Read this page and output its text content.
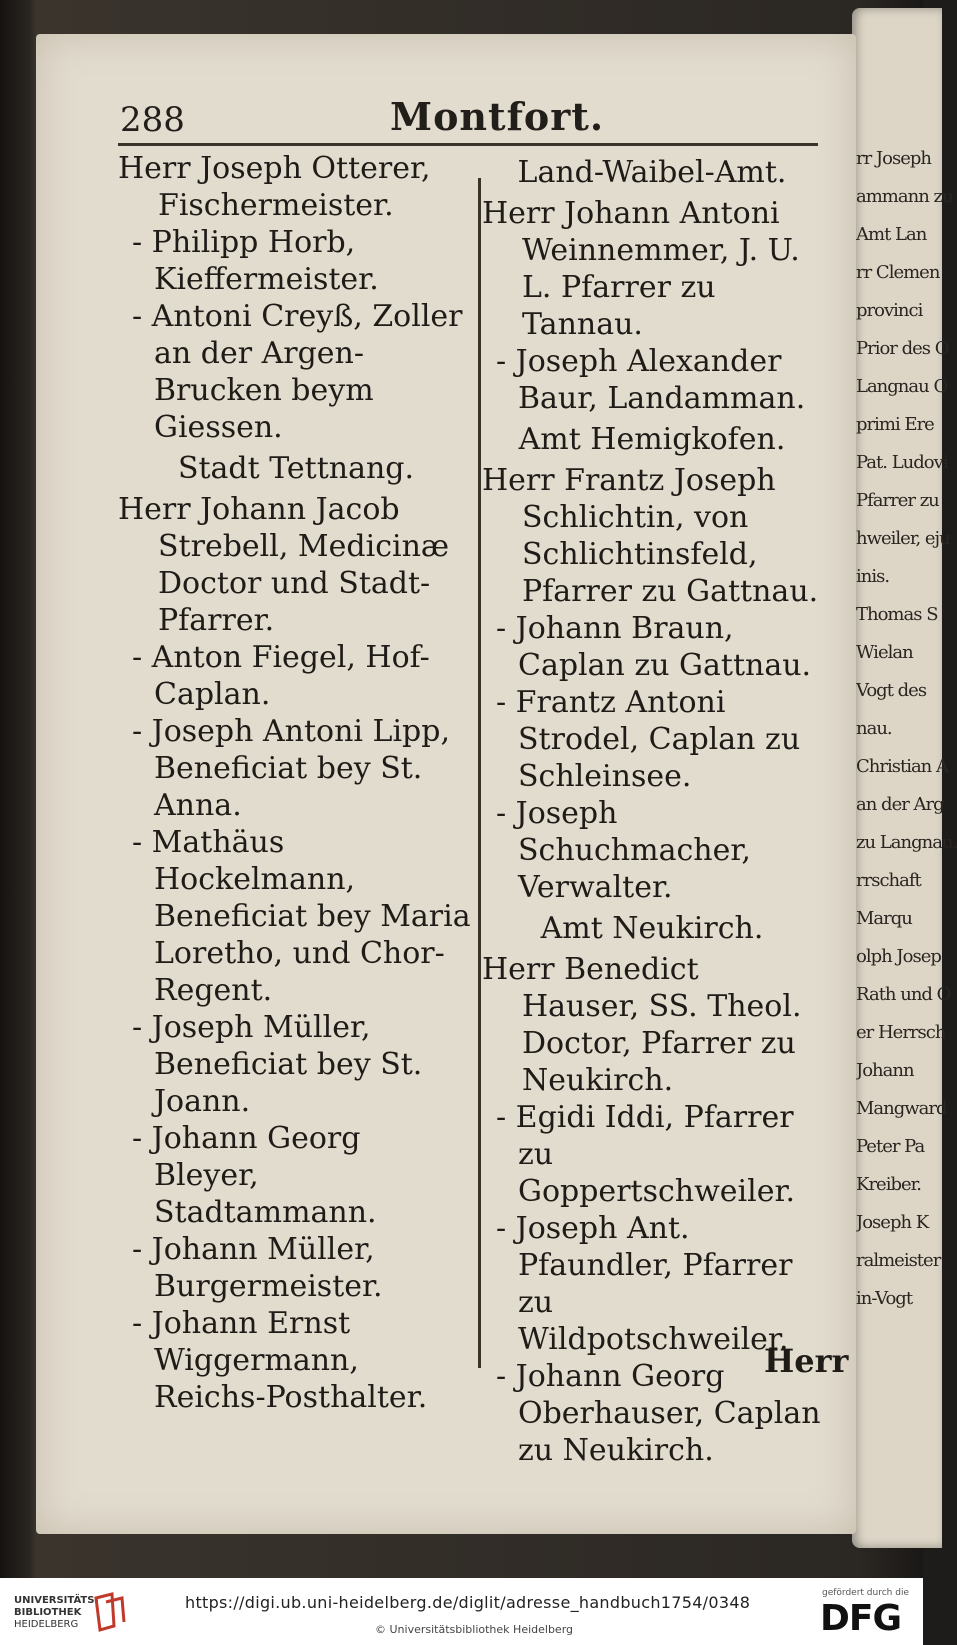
rr Joseph
ammann zu
Amt Lan
rr Clemen
provinci
Prior des O
Langnau O
primi Ere
Pat. Ludovi
Pfarrer zu
hweiler, eju
inis.
Thomas S
Wielan
Vogt des
nau.
Christian A
an der Arg
zu Langnau.
rrschaft
Marqu
olph Josep
Rath und O
er Herrsch
Johann
Mangward
Peter Pa
Kreiber.
Joseph K
ralmeister
in-Vogt
288	Montfort.

Herr Joseph Otterer, Fischermeister.

- Philipp Horb, Kieffermeister.

- Antoni Creyß, Zoller an der Argen-Brucken beym Giessen.

Stadt Tettnang.

Herr Johann Jacob Strebell, Medicinæ Doctor und Stadt-Pfarrer.

- Anton Fiegel, Hof-Caplan.

- Joseph Antoni Lipp, Beneficiat bey St. Anna.

- Mathäus Hockelmann, Beneficiat bey Maria Loretho, und Chor-Regent.

- Joseph Müller, Beneficiat bey St. Joann.

- Johann Georg Bleyer, Stadtammann.

- Johann Müller, Burgermeister.

- Johann Ernst Wiggermann, Reichs-Posthalter.

Land-Waibel-Amt.

Herr Johann Antoni Weinnemmer, J. U. L. Pfarrer zu Tannau.

- Joseph Alexander Baur, Landamman.

Amt Hemigkofen.

Herr Frantz Joseph Schlichtin, von Schlichtinsfeld, Pfarrer zu Gattnau.

- Johann Braun, Caplan zu Gattnau.

- Frantz Antoni Strodel, Caplan zu Schleinsee.

- Joseph Schuchmacher, Verwalter.

Amt Neukirch.

Herr Benedict Hauser, SS. Theol. Doctor, Pfarrer zu Neukirch.

- Egidi Iddi, Pfarrer zu Goppertschweiler.

- Joseph Ant. Pfaundler, Pfarrer zu Wildpotschweiler.

- Johann Georg Oberhauser, Caplan zu Neukirch.

Herr
UNIVERSITÄTS-
BIBLIOTHEK
HEIDELBERG
https://digi.ub.uni-heidelberg.de/diglit/adresse_handbuch1754/0348
© Universitätsbibliothek Heidelberg
gefördert durch die
DFG
